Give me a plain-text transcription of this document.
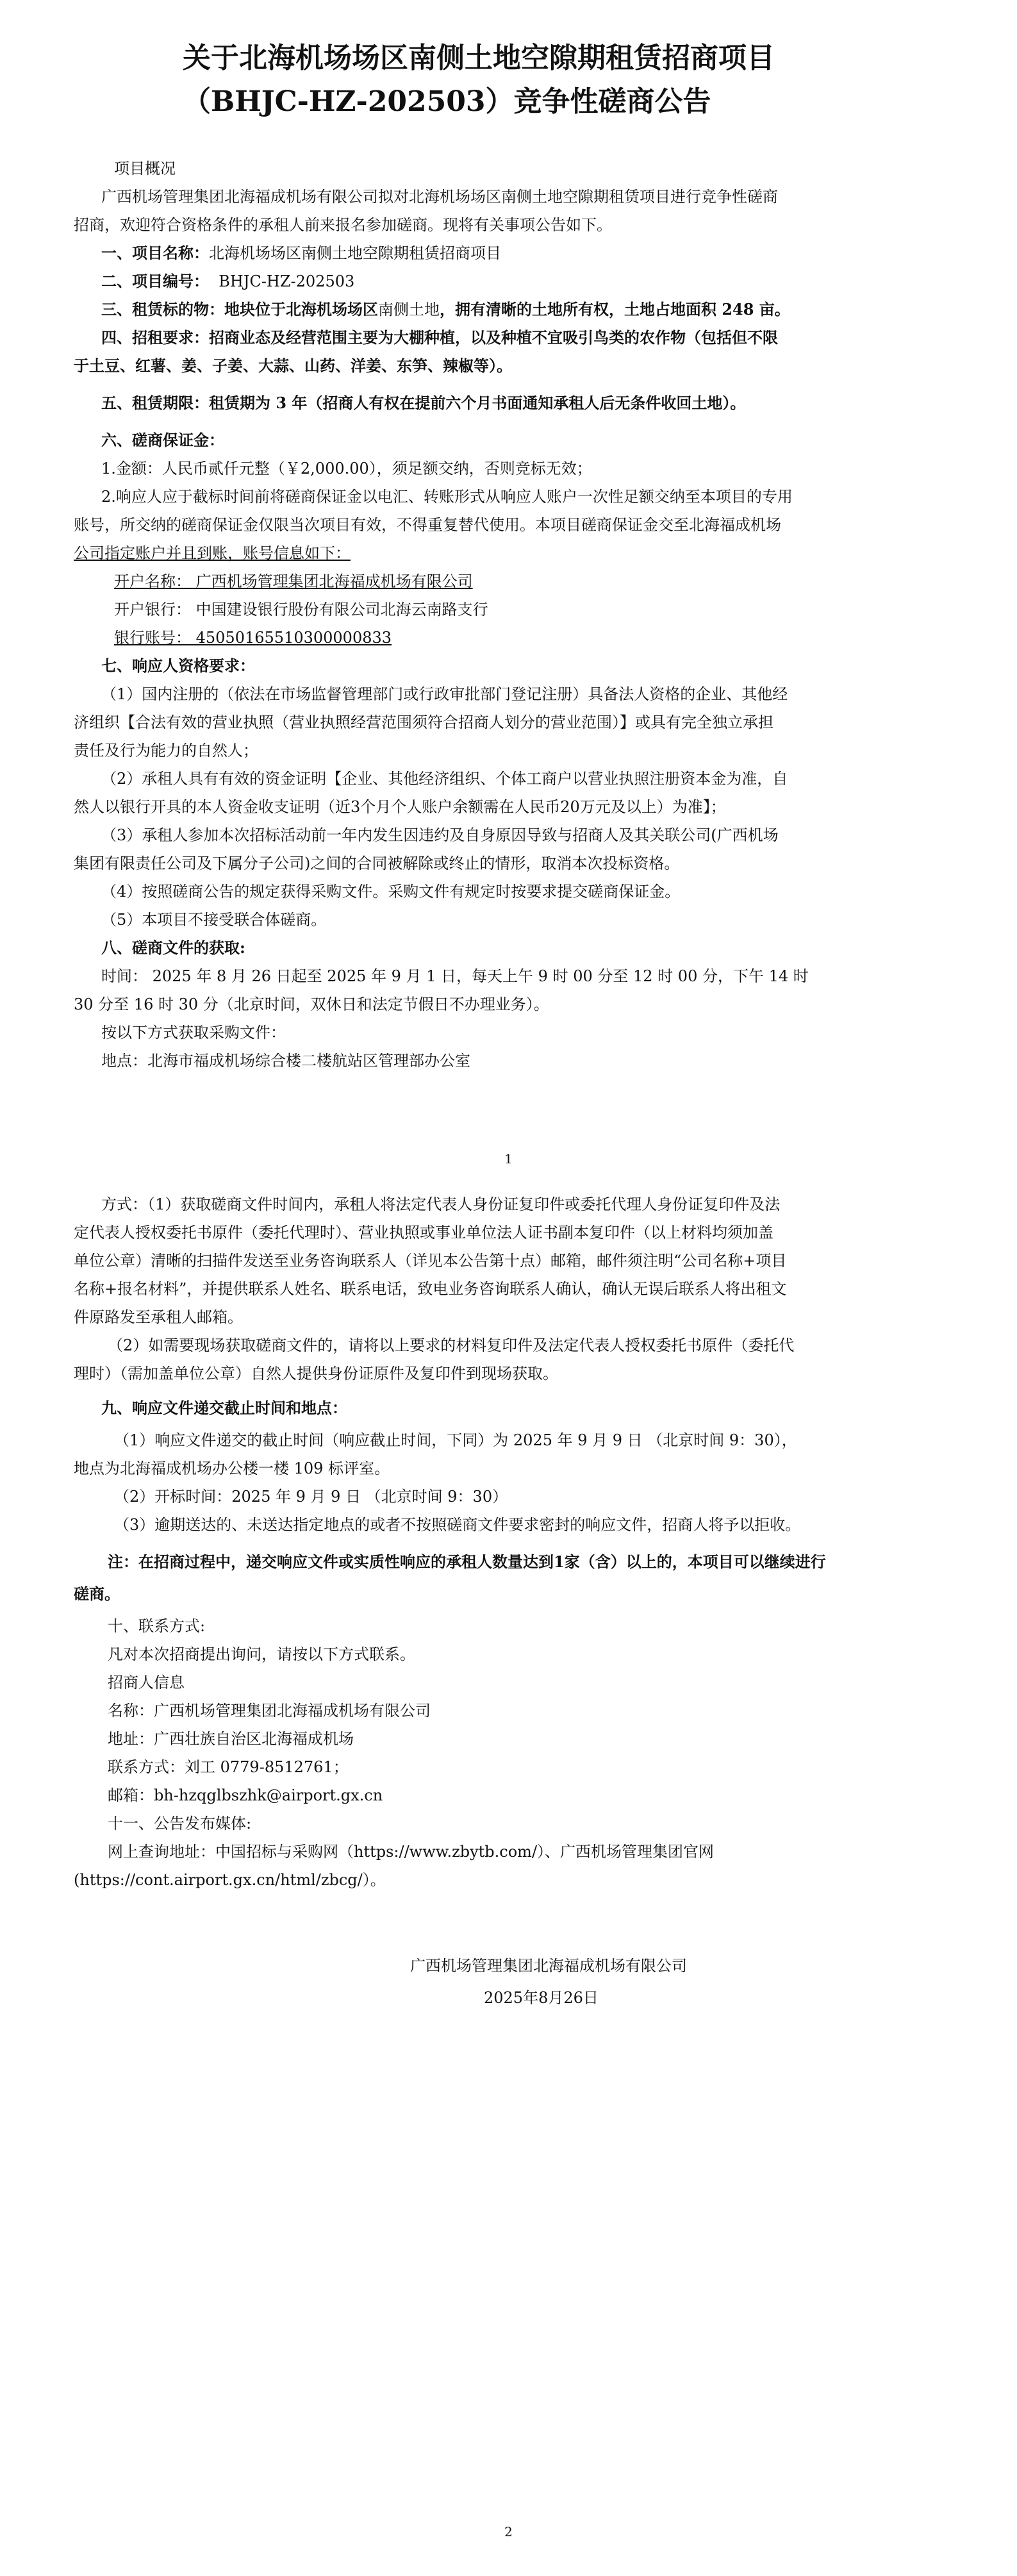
关于北海机场场区南侧土地空隙期租赁招商项目
（BHJC-HZ-202503）竞争性磋商公告
项目概况
广西机场管理集团北海福成机场有限公司拟对北海机场场区南侧土地空隙期租赁项目进行竞争性磋商
招商，欢迎符合资格条件的承租人前来报名参加磋商。现将有关事项公告如下。
一、项目名称：北海机场场区南侧土地空隙期租赁招商项目
二、项目编号： BHJC-HZ-202503
三、租赁标的物：地块位于北海机场场区南侧土地，拥有清晰的土地所有权，土地占地面积 248 亩。
四、招租要求：招商业态及经营范围主要为大棚种植，以及种植不宜吸引鸟类的农作物（包括但不限
于土豆、红薯、姜、子姜、大蒜、山药、洋姜、东笋、辣椒等）。
五、租赁期限：租赁期为 3 年（招商人有权在提前六个月书面通知承租人后无条件收回土地）。
六、磋商保证金：
1.金额：人民币贰仟元整（￥2,000.00），须足额交纳，否则竞标无效；
2.响应人应于截标时间前将磋商保证金以电汇、转账形式从响应人账户一次性足额交纳至本项目的专用
账号，所交纳的磋商保证金仅限当次项目有效，不得重复替代使用。本项目磋商保证金交至北海福成机场
公司指定账户并且到账，账号信息如下：
开户名称： 广西机场管理集团北海福成机场有限公司
开户银行： 中国建设银行股份有限公司北海云南路支行
银行账号： 45050165510300000833
七、响应人资格要求：
（1）国内注册的（依法在市场监督管理部门或行政审批部门登记注册）具备法人资格的企业、其他经
济组织【合法有效的营业执照（营业执照经营范围须符合招商人划分的营业范围）】或具有完全独立承担
责任及行为能力的自然人；
（2）承租人具有有效的资金证明【企业、其他经济组织、个体工商户以营业执照注册资本金为准，自
然人以银行开具的本人资金收支证明（近3个月个人账户余额需在人民币20万元及以上）为准】；
（3）承租人参加本次招标活动前一年内发生因违约及自身原因导致与招商人及其关联公司(广西机场
集团有限责任公司及下属分子公司)之间的合同被解除或终止的情形，取消本次投标资格。
（4）按照磋商公告的规定获得采购文件。采购文件有规定时按要求提交磋商保证金。
（5）本项目不接受联合体磋商。
八、磋商文件的获取:
时间： 2025 年 8 月 26 日起至 2025 年 9 月 1 日，每天上午 9 时 00 分至 12 时 00 分，下午 14 时
30 分至 16 时 30 分（北京时间，双休日和法定节假日不办理业务）。
按以下方式获取采购文件：
地点：北海市福成机场综合楼二楼航站区管理部办公室
1
方式：（1）获取磋商文件时间内，承租人将法定代表人身份证复印件或委托代理人身份证复印件及法
定代表人授权委托书原件（委托代理时）、营业执照或事业单位法人证书副本复印件（以上材料均须加盖
单位公章）清晰的扫描件发送至业务咨询联系人（详见本公告第十点）邮箱，邮件须注明“公司名称+项目
名称+报名材料”，并提供联系人姓名、联系电话，致电业务咨询联系人确认，确认无误后联系人将出租文
件原路发至承租人邮箱。
（2）如需要现场获取磋商文件的，请将以上要求的材料复印件及法定代表人授权委托书原件（委托代
理时）（需加盖单位公章）自然人提供身份证原件及复印件到现场获取。
九、响应文件递交截止时间和地点：
（1）响应文件递交的截止时间（响应截止时间，下同）为 2025 年 9 月 9 日 （北京时间 9：30），
地点为北海福成机场办公楼一楼 109 标评室。
（2）开标时间：2025 年 9 月 9 日 （北京时间 9：30）
（3）逾期送达的、未送达指定地点的或者不按照磋商文件要求密封的响应文件，招商人将予以拒收。
注：在招商过程中，递交响应文件或实质性响应的承租人数量达到1家（含）以上的，本项目可以继续进行
磋商。
十、联系方式:
凡对本次招商提出询问，请按以下方式联系。
招商人信息
名称：广西机场管理集团北海福成机场有限公司
地址：广西壮族自治区北海福成机场
联系方式：刘工 0779-8512761；
邮箱：bh-hzqglbszhk@airport.gx.cn
十一、公告发布媒体:
网上查询地址：中国招标与采购网（https://www.zbytb.com/）、广西机场管理集团官网
(https://cont.airport.gx.cn/html/zbcg/）。
广西机场管理集团北海福成机场有限公司
2025年8月26日
2
